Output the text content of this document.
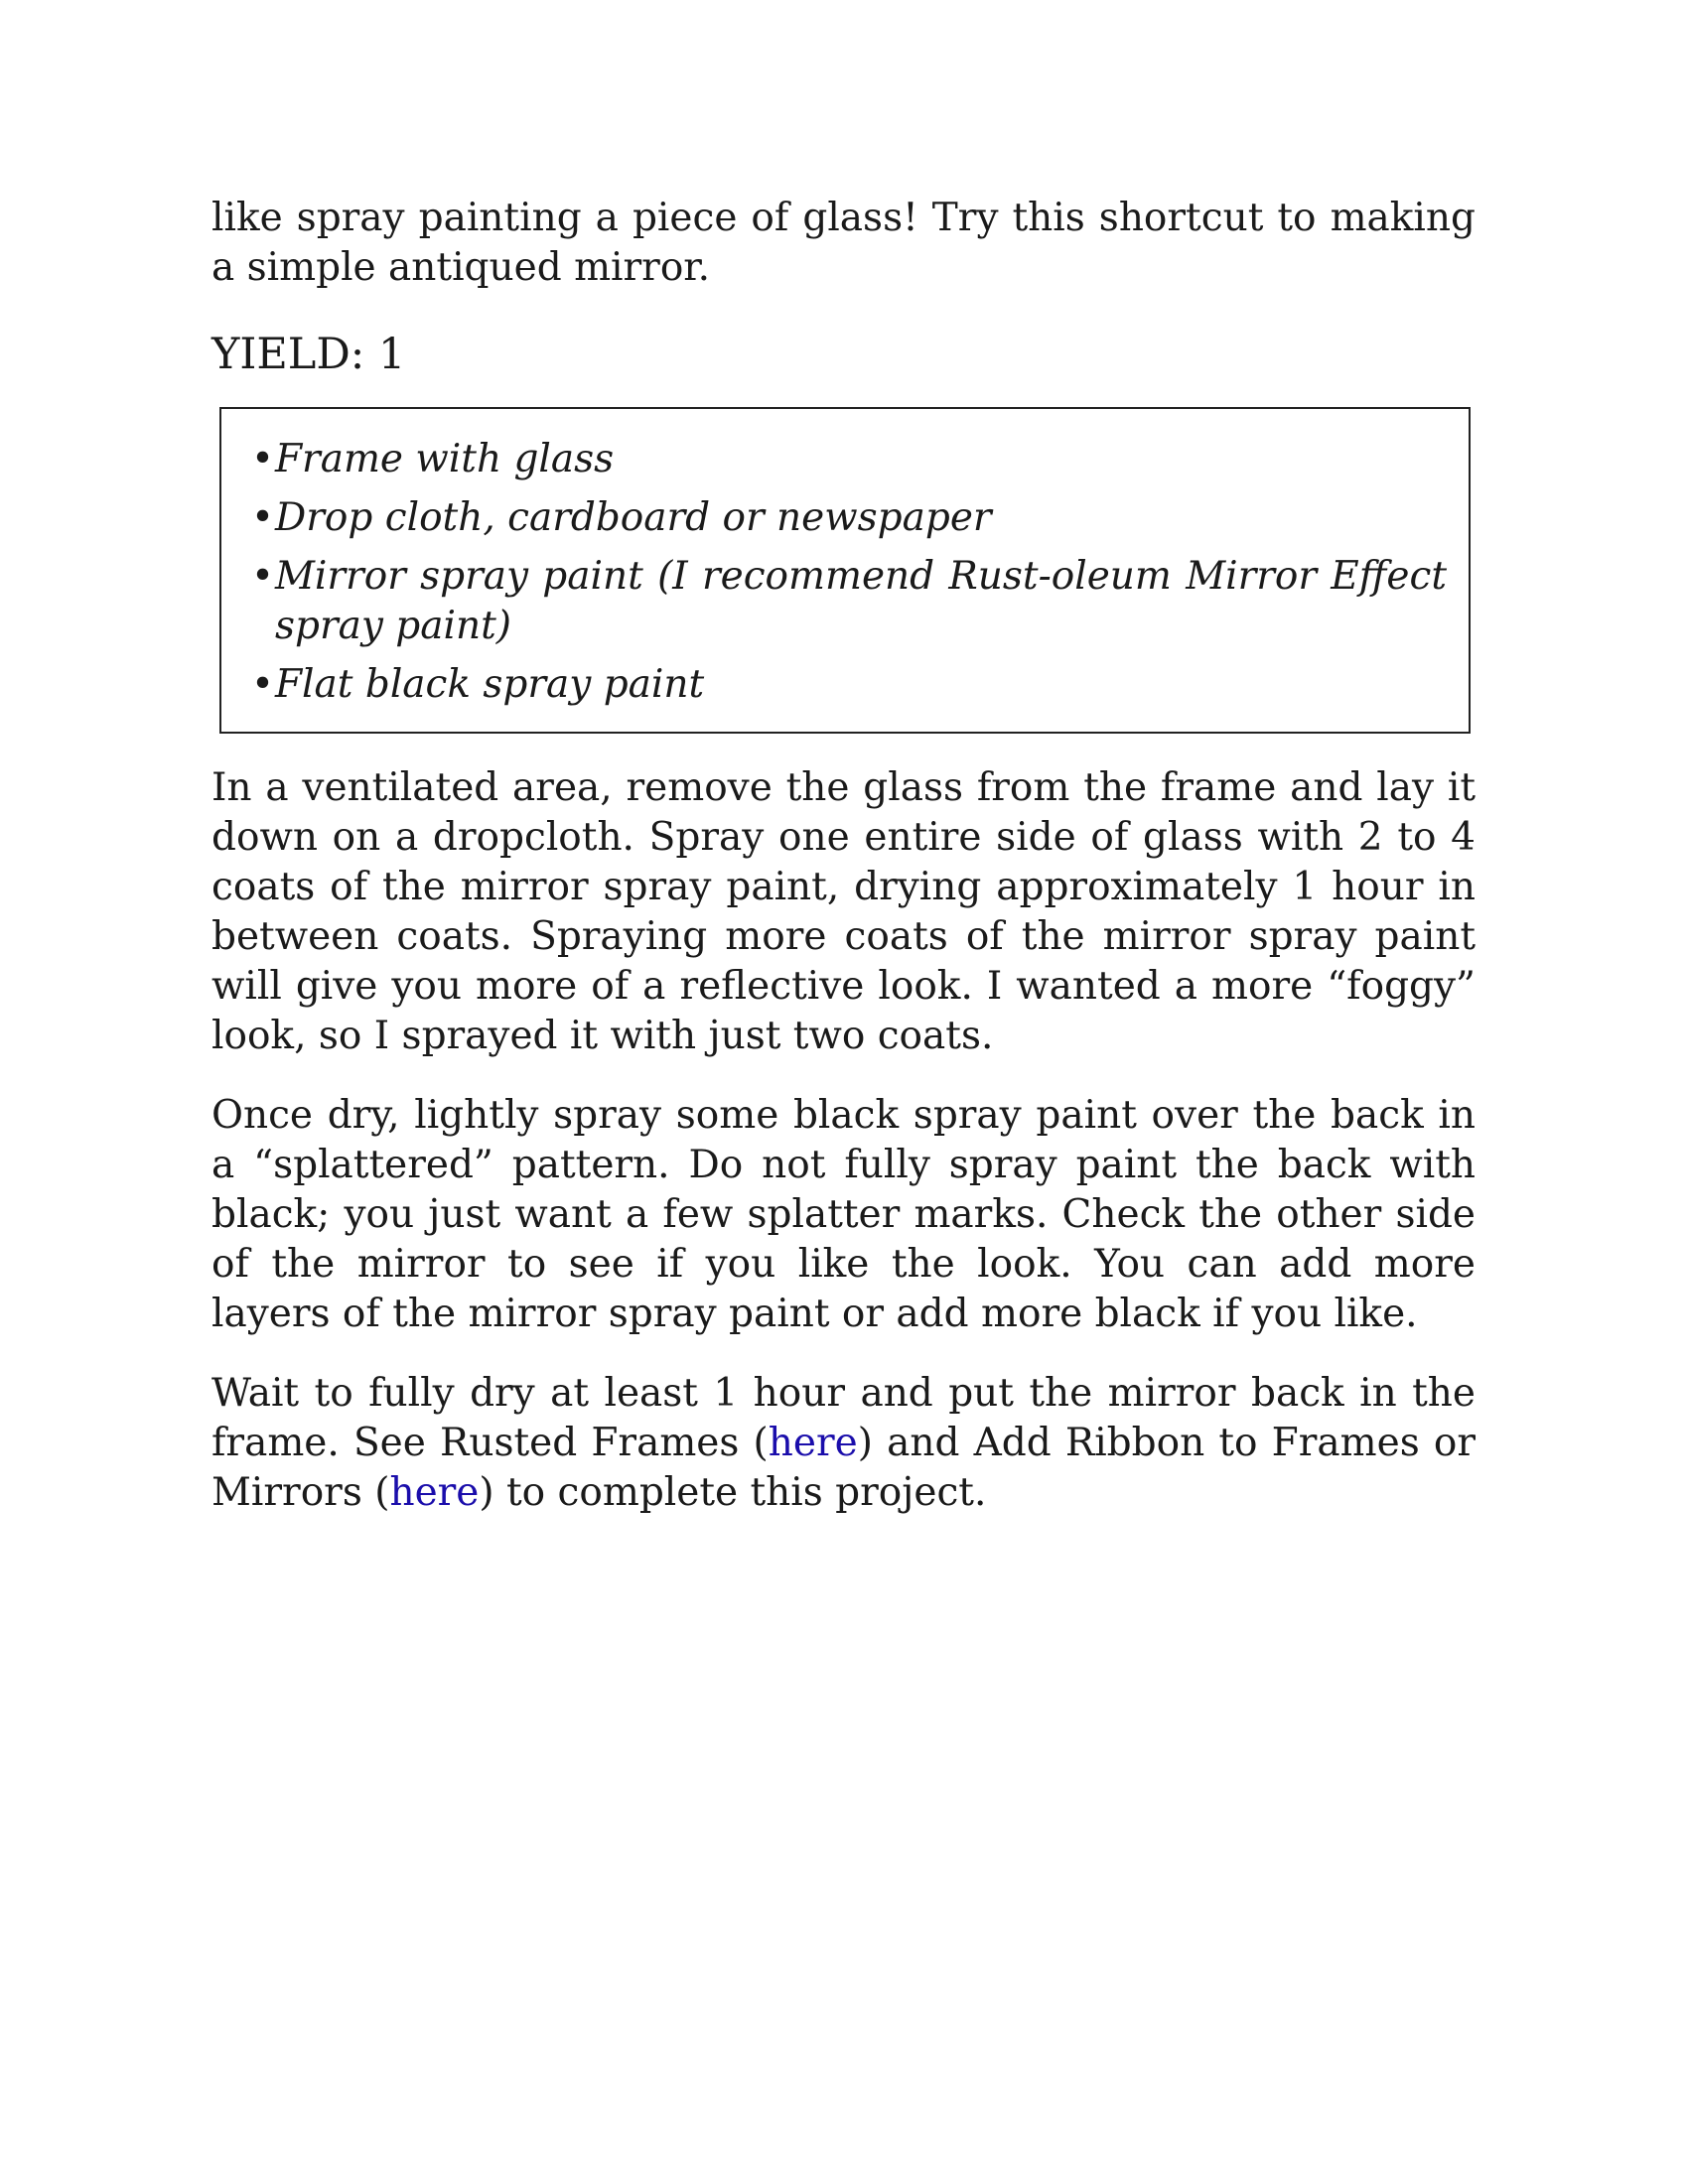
like spray painting a piece of glass! Try this shortcut to making a simple antiqued mirror.

YIELD: 1

• Frame with glass
• Drop cloth, cardboard or newspaper
• Mirror spray paint (I recommend Rust-oleum Mirror Effect spray paint)
• Flat black spray paint

In a ventilated area, remove the glass from the frame and lay it down on a dropcloth. Spray one entire side of glass with 2 to 4 coats of the mirror spray paint, drying approximately 1 hour in between coats. Spraying more coats of the mirror spray paint will give you more of a reflective look. I wanted a more “foggy” look, so I sprayed it with just two coats.

Once dry, lightly spray some black spray paint over the back in a “splattered” pattern. Do not fully spray paint the back with black; you just want a few splatter marks. Check the other side of the mirror to see if you like the look. You can add more layers of the mirror spray paint or add more black if you like.

Wait to fully dry at least 1 hour and put the mirror back in the frame. See Rusted Frames (here) and Add Ribbon to Frames or Mirrors (here) to complete this project.
